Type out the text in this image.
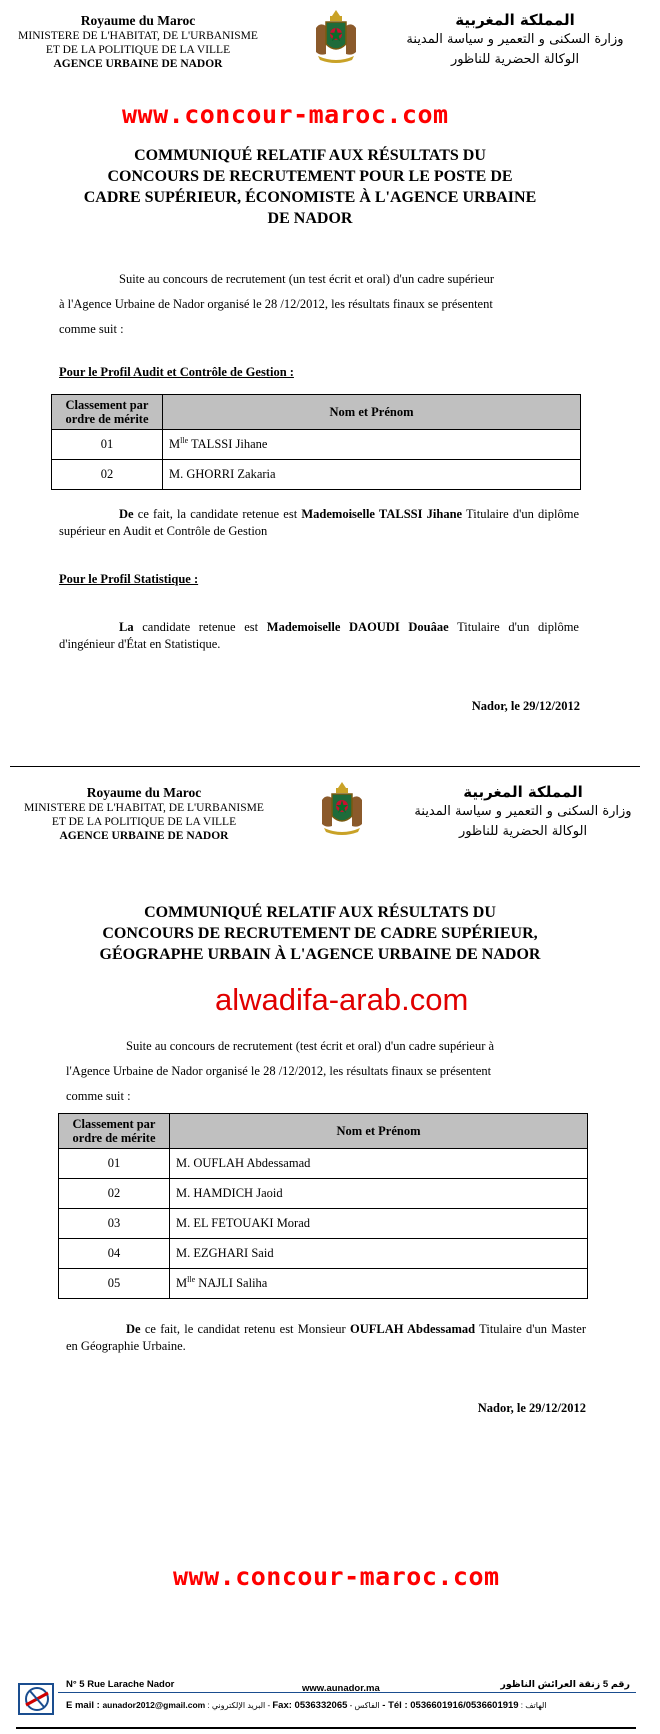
Royaume du Maroc
MINISTERE DE L'HABITAT, DE L'URBANISME
ET DE LA POLITIQUE DE LA VILLE
AGENCE URBAINE DE NADOR
المملكة المغربية
وزارة السكنى و التعمير و سياسة المدينة
الوكالة الحضرية للناظور
www.concour-maroc.com
COMMUNIQUÉ RELATIF AUX RÉSULTATS DU
CONCOURS DE RECRUTEMENT POUR LE POSTE DE
CADRE SUPÉRIEUR, ÉCONOMISTE À L'AGENCE URBAINE
DE NADOR
Suite au concours de recrutement (un test écrit et oral) d'un cadre supérieur
à l'Agence Urbaine de Nador organisé le 28 /12/2012, les résultats finaux se présentent
comme suit :
Pour le Profil Audit et Contrôle de Gestion :
Classement par ordre de mérite	Nom et Prénom
01	$M^{lle}$ TALSSI Jihane
02	M. GHORRI Zakaria
De ce fait, la candidate retenue est Mademoiselle TALSSI Jihane Titulaire d'un diplôme supérieur en Audit et Contrôle de Gestion
Pour le Profil Statistique :
La candidate retenue est Mademoiselle DAOUDI Douâae Titulaire d'un diplôme d'ingénieur d'État en Statistique.
Nador, le 29/12/2012
Royaume du Maroc
MINISTERE DE L'HABITAT, DE L'URBANISME
ET DE LA POLITIQUE DE LA VILLE
AGENCE URBAINE DE NADOR
المملكة المغربية
وزارة السكنى و التعمير و سياسة المدينة
الوكالة الحضرية للناظور
COMMUNIQUÉ RELATIF AUX RÉSULTATS DU
CONCOURS DE RECRUTEMENT DE CADRE SUPÉRIEUR,
GÉOGRAPHE URBAIN À L'AGENCE URBAINE DE NADOR
alwadifa-arab.com
Suite au concours de recrutement (test écrit et oral) d'un cadre supérieur à
l'Agence Urbaine de Nador organisé le 28 /12/2012, les résultats finaux se présentent
comme suit :
Classement par ordre de mérite	Nom et Prénom
01	M. OUFLAH Abdessamad
02	M. HAMDICH Jaoid
03	M. EL FETOUAKI Morad
04	M. EZGHARI Said
05	$M^{lle}$ NAJLI Saliha
De ce fait, le candidat retenu est Monsieur OUFLAH Abdessamad Titulaire d'un Master en Géographie Urbaine.
Nador, le 29/12/2012
www.concour-maroc.com
N° 5 Rue Larache Nador	www.aunador.ma	رقم 5 زنقة العرائش الناظور
E mail : aunador2012@gmail.com : البريد الإلكتروني - Fax: 0536332065 - الفاكس - Tél : 0536601916/0536601919 : الهاتف
